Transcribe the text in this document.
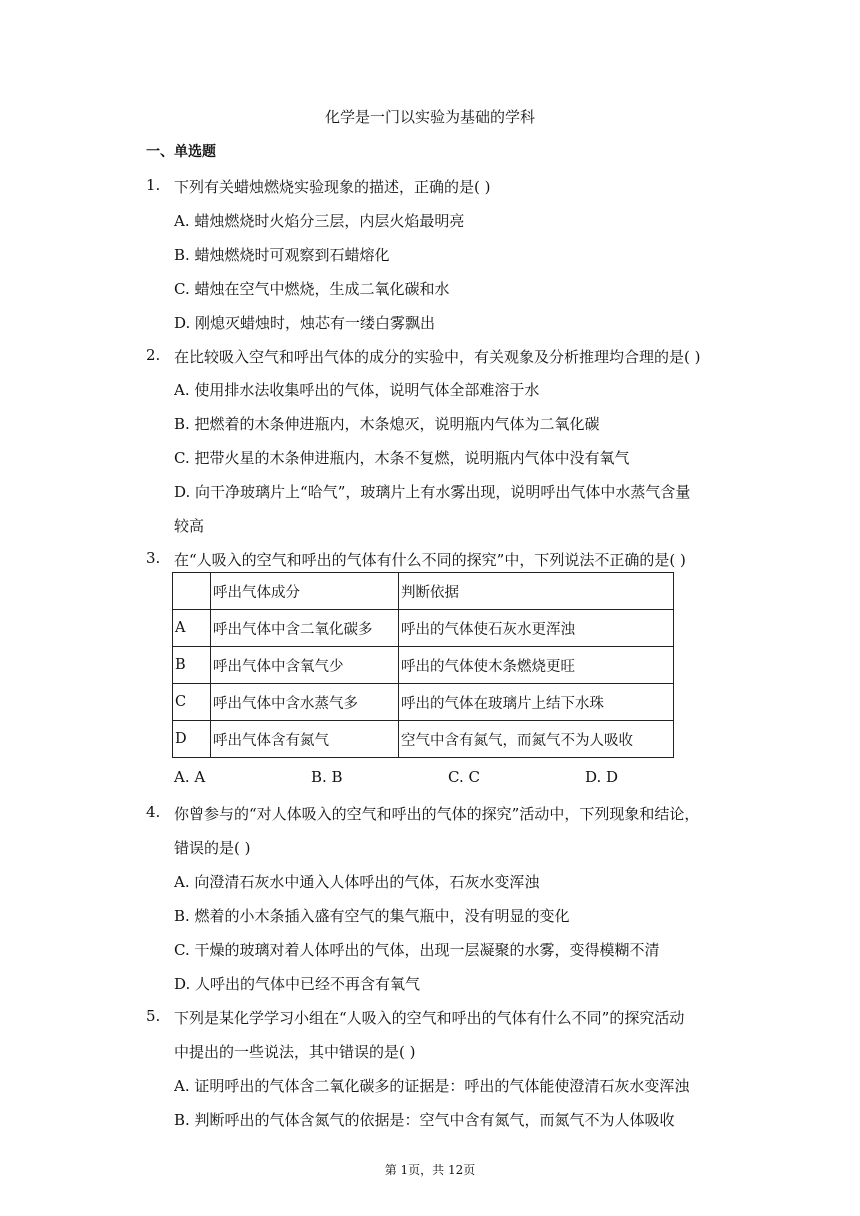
化学是一门以实验为基础的学科
一、单选题
1. 下列有关蜡烛燃烧实验现象的描述，正确的是( )
A. 蜡烛燃烧时火焰分三层，内层火焰最明亮
B. 蜡烛燃烧时可观察到石蜡熔化
C. 蜡烛在空气中燃烧，生成二氧化碳和水
D. 刚熄灭蜡烛时，烛芯有一缕白雾飘出
2. 在比较吸入空气和呼出气体的成分的实验中，有关观象及分析推理均合理的是( )
A. 使用排水法收集呼出的气体，说明气体全部难溶于水
B. 把燃着的木条伸进瓶内，木条熄灭，说明瓶内气体为二氧化碳
C. 把带火星的木条伸进瓶内，木条不复燃，说明瓶内气体中没有氧气
D. 向干净玻璃片上“哈气”，玻璃片上有水雾出现，说明呼出气体中水蒸气含量
较高
3. 在“人吸入的空气和呼出的气体有什么不同的探究”中，下列说法不正确的是( )
	呼出气体成分	判断依据
A	呼出气体中含二氧化碳多	呼出的气体使石灰水更浑浊
B	呼出气体中含氧气少	呼出的气体使木条燃烧更旺
C	呼出气体中含水蒸气多	呼出的气体在玻璃片上结下水珠
D	呼出气体含有氮气	空气中含有氮气，而氮气不为人吸收
A. A	B. B	C. C	D. D
4. 你曾参与的“对人体吸入的空气和呼出的气体的探究”活动中，下列现象和结论，
错误的是( )
A. 向澄清石灰水中通入人体呼出的气体，石灰水变浑浊
B. 燃着的小木条插入盛有空气的集气瓶中，没有明显的变化
C. 干燥的玻璃对着人体呼出的气体，出现一层凝聚的水雾，变得模糊不清
D. 人呼出的气体中已经不再含有氧气
5. 下列是某化学学习小组在“人吸入的空气和呼出的气体有什么不同”的探究活动
中提出的一些说法，其中错误的是( )
A. 证明呼出的气体含二氧化碳多的证据是：呼出的气体能使澄清石灰水变浑浊
B. 判断呼出的气体含氮气的依据是：空气中含有氮气，而氮气不为人体吸收
第 1页，共 12页
